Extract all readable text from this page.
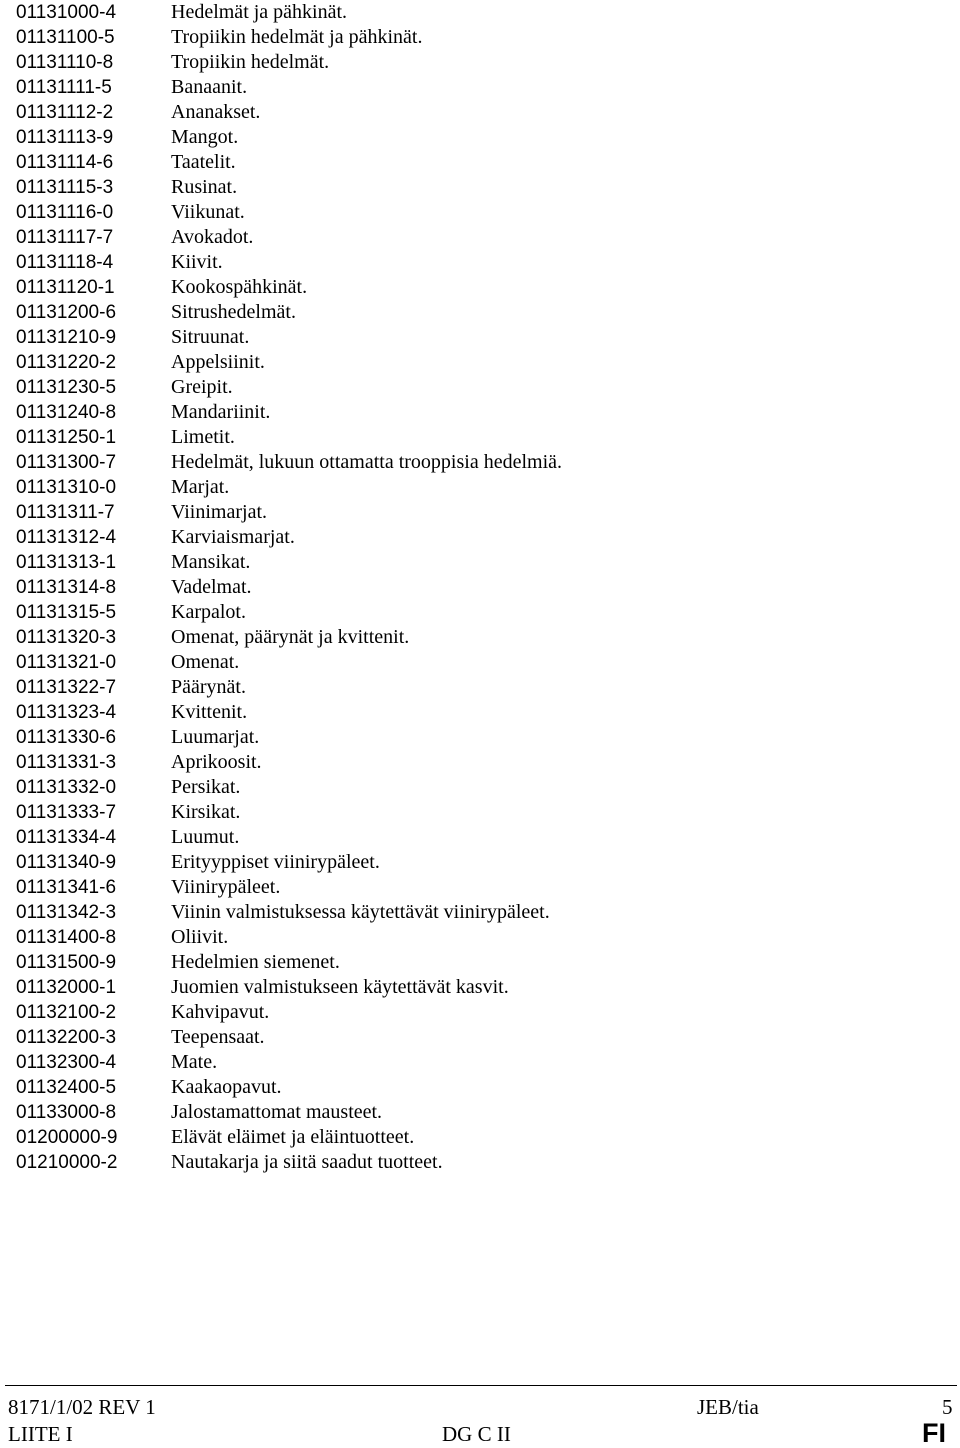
01131000-4	Hedelmät ja pähkinät.
01131100-5	Tropiikin hedelmät ja pähkinät.
01131110-8	Tropiikin hedelmät.
01131111-5	Banaanit.
01131112-2	Ananakset.
01131113-9	Mangot.
01131114-6	Taatelit.
01131115-3	Rusinat.
01131116-0	Viikunat.
01131117-7	Avokadot.
01131118-4	Kiivit.
01131120-1	Kookospähkinät.
01131200-6	Sitrushedelmät.
01131210-9	Sitruunat.
01131220-2	Appelsiinit.
01131230-5	Greipit.
01131240-8	Mandariinit.
01131250-1	Limetit.
01131300-7	Hedelmät, lukuun ottamatta trooppisia hedelmiä.
01131310-0	Marjat.
01131311-7	Viinimarjat.
01131312-4	Karviaismarjat.
01131313-1	Mansikat.
01131314-8	Vadelmat.
01131315-5	Karpalot.
01131320-3	Omenat, päärynät ja kvittenit.
01131321-0	Omenat.
01131322-7	Päärynät.
01131323-4	Kvittenit.
01131330-6	Luumarjat.
01131331-3	Aprikoosit.
01131332-0	Persikat.
01131333-7	Kirsikat.
01131334-4	Luumut.
01131340-9	Erityyppiset viinirypäleet.
01131341-6	Viinirypäleet.
01131342-3	Viinin valmistuksessa käytettävät viinirypäleet.
01131400-8	Oliivit.
01131500-9	Hedelmien siemenet.
01132000-1	Juomien valmistukseen käytettävät kasvit.
01132100-2	Kahvipavut.
01132200-3	Teepensaat.
01132300-4	Mate.
01132400-5	Kaakaopavut.
01133000-8	Jalostamattomat mausteet.
01200000-9	Elävät eläimet ja eläintuotteet.
01210000-2	Nautakarja ja siitä saadut tuotteet.
8171/1/02 REV 1	JEB/tia	5
LIITE I	DG C II	FI
